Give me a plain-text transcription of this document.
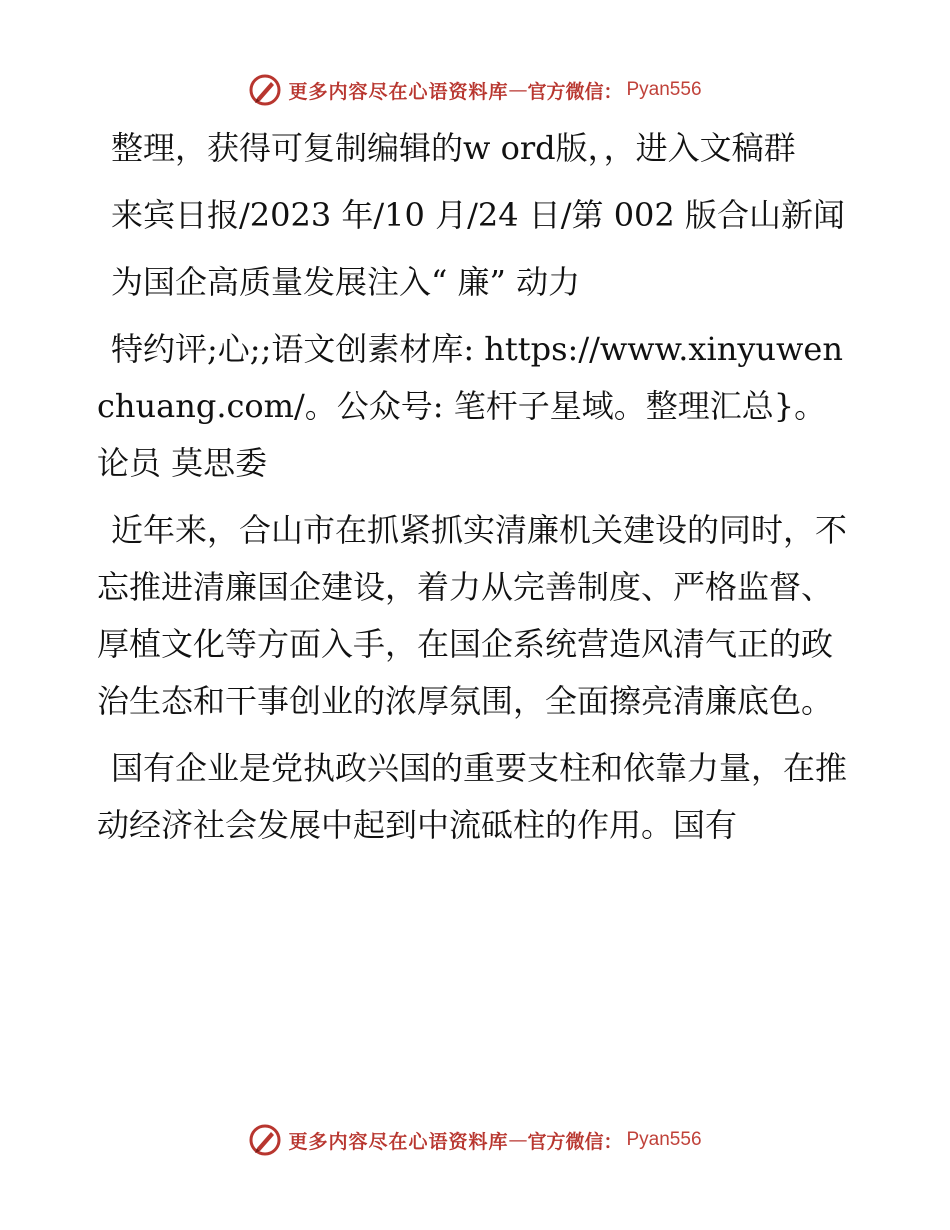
更多内容尽在心语资料库 — 官方微信： Pyan556

整理，获得可复制编辑的w ord版，，进入文稿群

来宾日报/2023 年/10 月/24 日/第 002 版合山新闻

为国企高质量发展注入“ 廉” 动力

特约评;心;;语文创素材库: https://www.xinyuwenchuang.com/。公众号: 笔杆子星域。整理汇总}。论员 莫思委

近年来，合山市在抓紧抓实清廉机关建设的同时，不忘推进清廉国企建设，着力从完善制度、严格监督、厚植文化等方面入手，在国企系统营造风清气正的政治生态和干事创业的浓厚氛围，全面擦亮清廉底色。

国有企业是党执政兴国的重要支柱和依靠力量，在推动经济社会发展中起到中流砥柱的作用。国有

更多内容尽在心语资料库 — 官方微信： Pyan556
